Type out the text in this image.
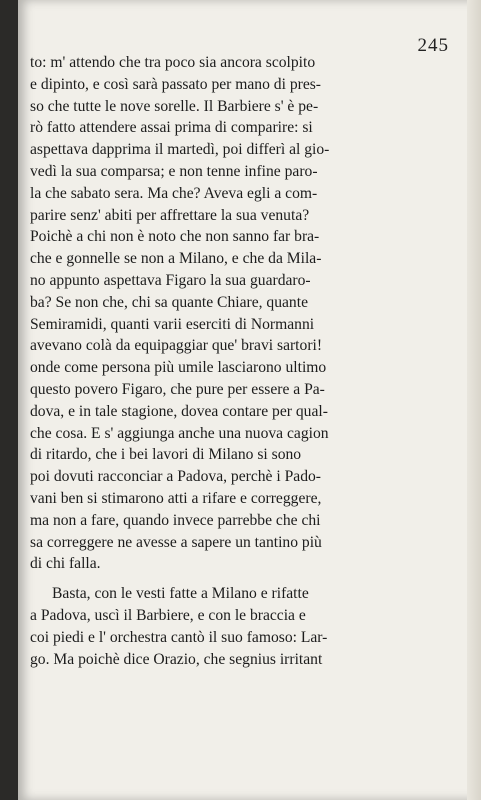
245
to: m' attendo che tra poco sia ancora scolpito
e dipinto, e così sarà passato per mano di pres-
so che tutte le nove sorelle. Il Barbiere s' è pe-
rò fatto attendere assai prima di comparire: si
aspettava dapprima il martedì, poi differì al gio-
vedì la sua comparsa; e non tenne infine paro-
la che sabato sera. Ma che? Aveva egli a com-
parire senz' abiti per affrettare la sua venuta?
Poichè a chi non è noto che non sanno far bra-
che e gonnelle se non a Milano, e che da Mila-
no appunto aspettava Figaro la sua guardaro-
ba? Se non che, chi sa quante Chiare, quante
Semiramidi, quanti varii eserciti di Normanni
avevano colà da equipaggiar que' bravi sartori!
onde come persona più umile lasciarono ultimo
questo povero Figaro, che pure per essere a Pa-
dova, e in tale stagione, dovea contare per qual-
che cosa. E s' aggiunga anche una nuova cagion
di ritardo, che i bei lavori di Milano si sono
poi dovuti racconciar a Padova, perchè i Pado-
vani ben si stimarono atti a rifare e correggere,
ma non a fare, quando invece parrebbe che chi
sa correggere ne avesse a sapere un tantino più
di chi falla.
Basta, con le vesti fatte a Milano e rifatte
a Padova, uscì il Barbiere, e con le braccia e
coi piedi e l' orchestra cantò il suo famoso: Lar-
go. Ma poichè dice Orazio, che segnius irritant
